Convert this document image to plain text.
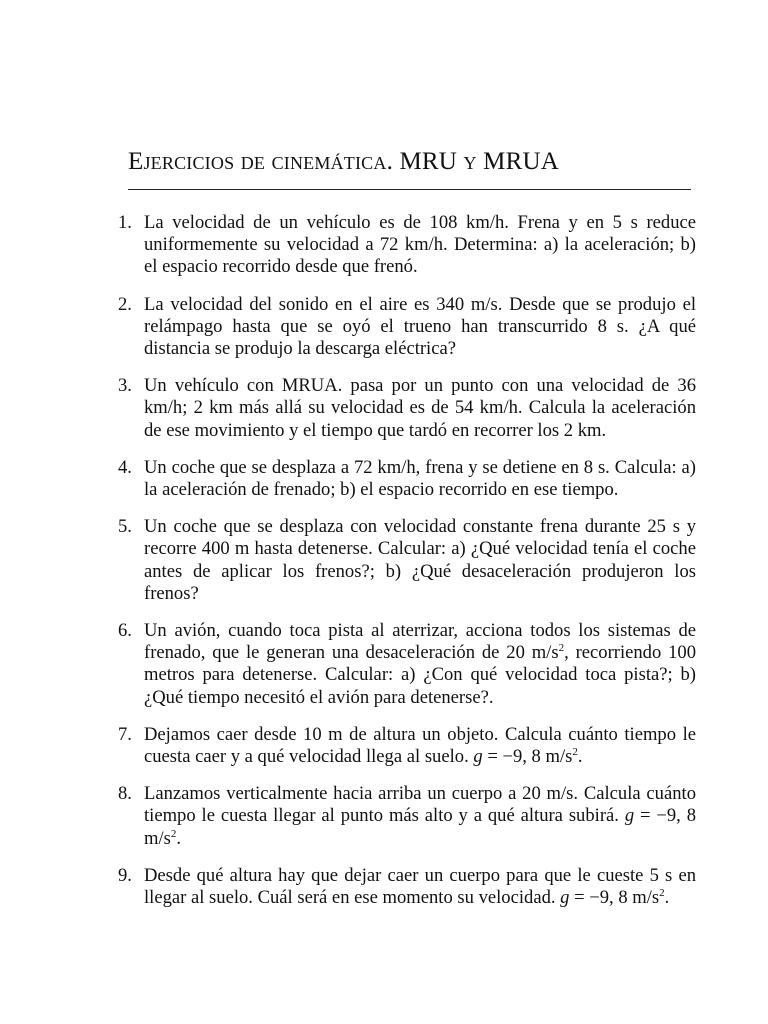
Ejercicios de cinemática. MRU y MRUA
1. La velocidad de un vehículo es de 108 km/h. Frena y en 5 s reduce uniformemente su velocidad a 72 km/h. Determina: a) la aceleración; b) el espacio recorrido desde que frenó.
2. La velocidad del sonido en el aire es 340 m/s. Desde que se produjo el relámpago hasta que se oyó el trueno han transcurrido 8 s. ¿A qué distancia se produjo la descarga eléctrica?
3. Un vehículo con MRUA. pasa por un punto con una velocidad de 36 km/h; 2 km más allá su velocidad es de 54 km/h. Calcula la aceleración de ese movimiento y el tiempo que tardó en recorrer los 2 km.
4. Un coche que se desplaza a 72 km/h, frena y se detiene en 8 s. Calcula: a) la aceleración de frenado; b) el espacio recorrido en ese tiempo.
5. Un coche que se desplaza con velocidad constante frena durante 25 s y recorre 400 m hasta detenerse. Calcular: a) ¿Qué velocidad tenía el coche antes de aplicar los frenos?; b) ¿Qué desaceleración produjeron los frenos?
6. Un avión, cuando toca pista al aterrizar, acciona todos los sistemas de frenado, que le generan una desaceleración de 20 $m/s^2$, recorriendo 100 metros para detenerse. Calcular: a) ¿Con qué velocidad toca pista?; b) ¿Qué tiempo necesitó el avión para detenerse?.
7. Dejamos caer desde 10 m de altura un objeto. Calcula cuánto tiempo le cuesta caer y a qué velocidad llega al suelo. g = −9, 8 $m/s^2$.
8. Lanzamos verticalmente hacia arriba un cuerpo a 20 m/s. Calcula cuánto tiempo le cuesta llegar al punto más alto y a qué altura subirá. g = −9, 8 $m/s^2$.
9. Desde qué altura hay que dejar caer un cuerpo para que le cueste 5 s en llegar al suelo. Cuál será en ese momento su velocidad. g = −9, 8 $m/s^2$.
